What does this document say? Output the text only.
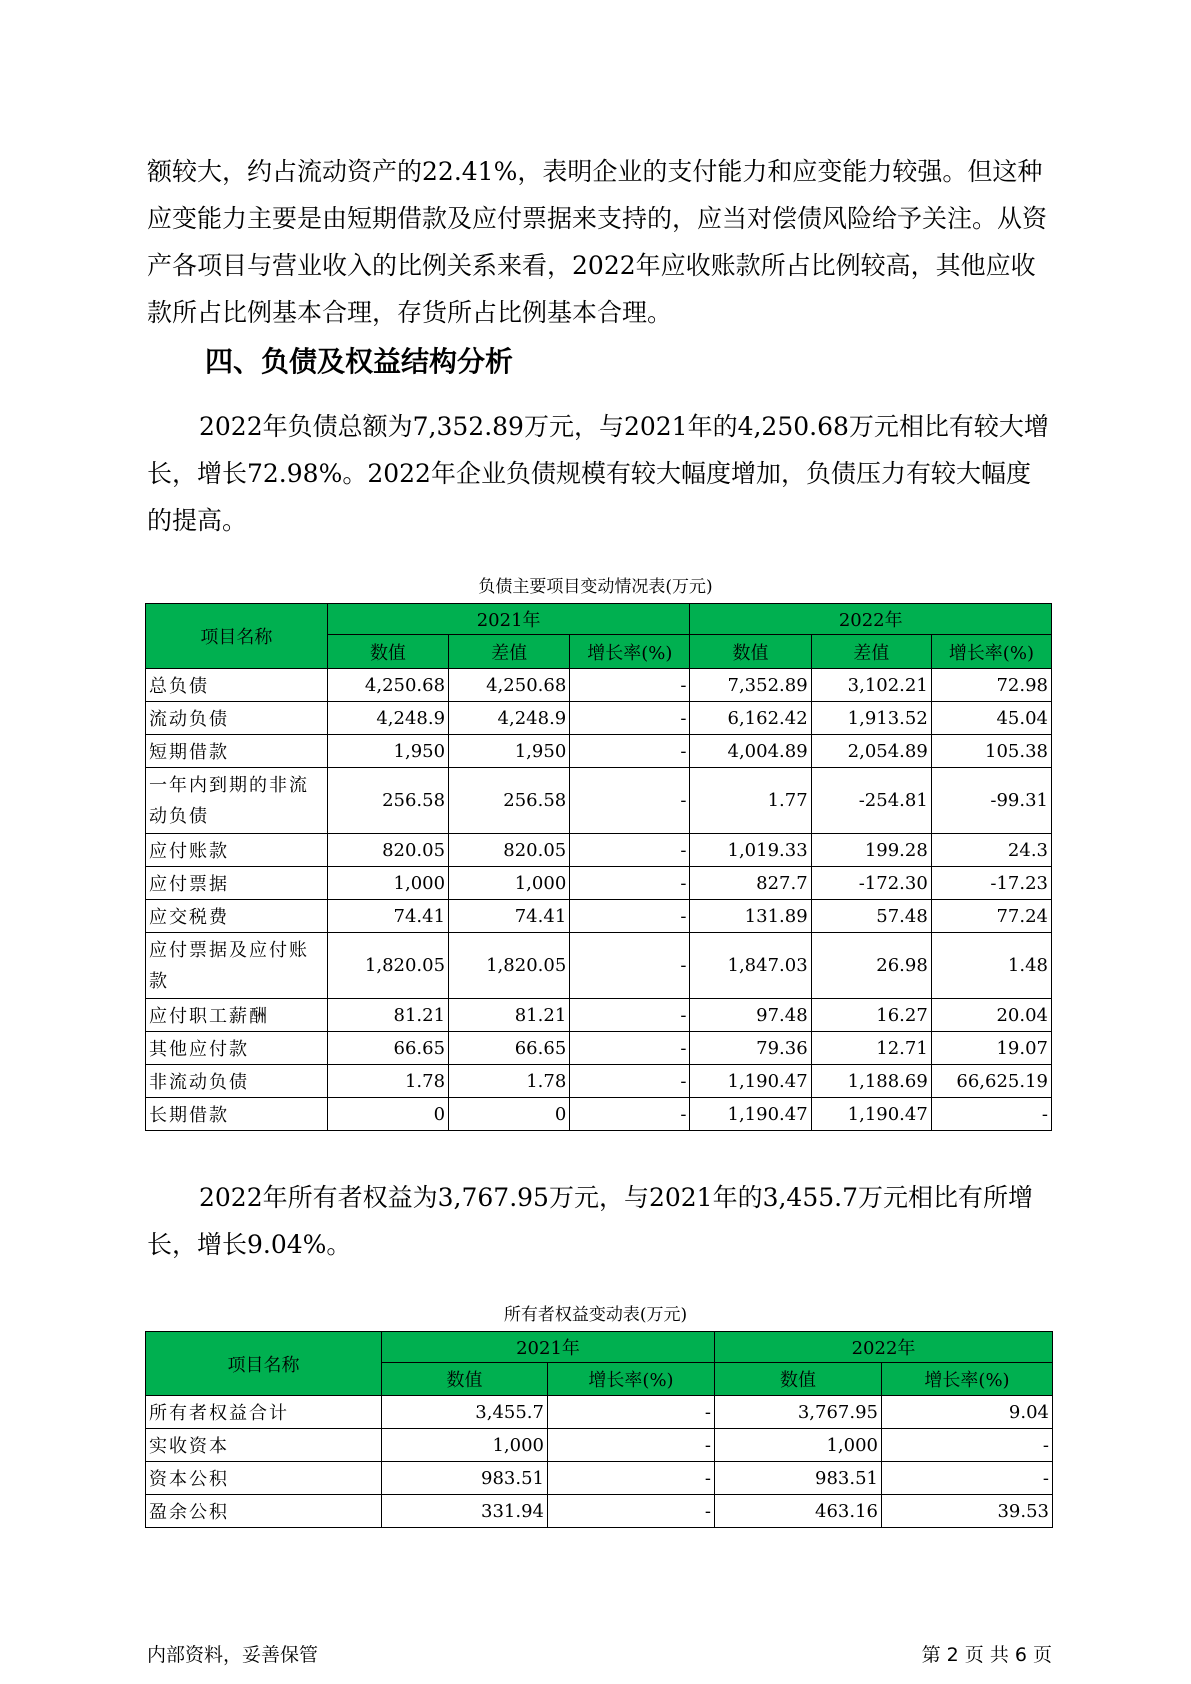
额较大，约占流动资产的22.41%，表明企业的支付能力和应变能力较强。但这种应变能力主要是由短期借款及应付票据来支持的，应当对偿债风险给予关注。从资产各项目与营业收入的比例关系来看，2022年应收账款所占比例较高，其他应收款所占比例基本合理，存货所占比例基本合理。

四、负债及权益结构分析

2022年负债总额为7,352.89万元，与2021年的4,250.68万元相比有较大增长，增长72.98%。2022年企业负债规模有较大幅度增加，负债压力有较大幅度的提高。

负债主要项目变动情况表(万元)
项目名称	2021年			2022年		
	数值	差值	增长率(%)	数值	差值	增长率(%)
总负债	4,250.68	4,250.68	-	7,352.89	3,102.21	72.98
流动负债	4,248.9	4,248.9	-	6,162.42	1,913.52	45.04
短期借款	1,950	1,950	-	4,004.89	2,054.89	105.38
一年内到期的非流动负债	256.58	256.58	-	1.77	-254.81	-99.31
应付账款	820.05	820.05	-	1,019.33	199.28	24.3
应付票据	1,000	1,000	-	827.7	-172.30	-17.23
应交税费	74.41	74.41	-	131.89	57.48	77.24
应付票据及应付账款	1,820.05	1,820.05	-	1,847.03	26.98	1.48
应付职工薪酬	81.21	81.21	-	97.48	16.27	20.04
其他应付款	66.65	66.65	-	79.36	12.71	19.07
非流动负债	1.78	1.78	-	1,190.47	1,188.69	66,625.19
长期借款	0	0	-	1,190.47	1,190.47	-

2022年所有者权益为3,767.95万元，与2021年的3,455.7万元相比有所增长，增长9.04%。

所有者权益变动表(万元)
项目名称	2021年		2022年	
	数值	增长率(%)	数值	增长率(%)
所有者权益合计	3,455.7	-	3,767.95	9.04
实收资本	1,000	-	1,000	-
资本公积	983.51	-	983.51	-
盈余公积	331.94	-	463.16	39.53
内部资料，妥善保管	第 2 页 共 6 页
